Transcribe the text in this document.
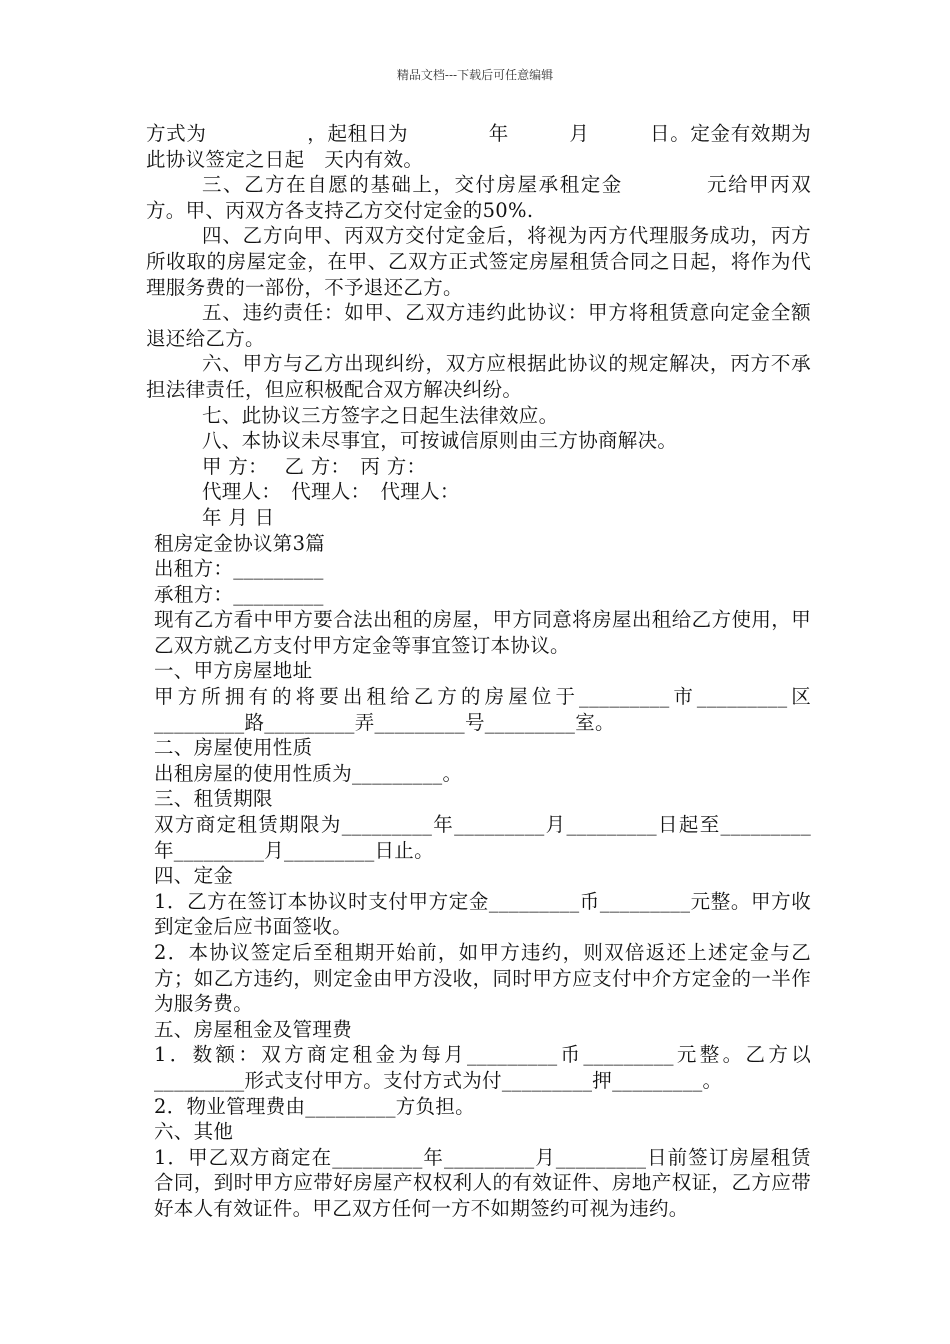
精品文档---下载后可任意编辑

方式为　　　　　，起租日为　　　　年　　　月　　　日。定金有效期为此协议签定之日起　天内有效。

三、乙方在自愿的基础上，交付房屋承租定金　　　　元给甲丙双方。甲、丙双方各支持乙方交付定金的50%.

四、乙方向甲、丙双方交付定金后，将视为丙方代理服务成功，丙方所收取的房屋定金，在甲、乙双方正式签定房屋租赁合同之日起，将作为代理服务费的一部份，不予退还乙方。

五、违约责任：如甲、乙双方违约此协议：甲方将租赁意向定金全额退还给乙方。

六、甲方与乙方出现纠纷，双方应根据此协议的规定解决，丙方不承担法律责任，但应积极配合双方解决纠纷。

七、此协议三方签字之日起生法律效应。

八、本协议未尽事宜，可按诚信原则由三方协商解决。

甲 方：　 乙 方：　丙 方：

代理人：　代理人：　代理人：

年 月 日

租房定金协议第3篇

出租方：_________

承租方：_________

现有乙方看中甲方要合法出租的房屋，甲方同意将房屋出租给乙方使用，甲乙双方就乙方支付甲方定金等事宜签订本协议。

一、甲方房屋地址

甲方所拥有的将要出租给乙方的房屋位于_________市_________区_________路_________弄_________号_________室。

二、房屋使用性质

出租房屋的使用性质为_________。

三、租赁期限

双方商定租赁期限为_________年_________月_________日起至_________年_________月_________日止。

四、定金

1．乙方在签订本协议时支付甲方定金_________币_________元整。甲方收到定金后应书面签收。

2．本协议签定后至租期开始前，如甲方违约，则双倍返还上述定金与乙方；如乙方违约，则定金由甲方没收，同时甲方应支付中介方定金的一半作为服务费。

五、房屋租金及管理费

1．数额：双方商定租金为每月_________币_________元整。乙方以_________形式支付甲方。支付方式为付_________押_________。

2．物业管理费由_________方负担。

六、其他

1．甲乙双方商定在_________年_________月_________日前签订房屋租赁合同，到时甲方应带好房屋产权权利人的有效证件、房地产权证，乙方应带好本人有效证件。甲乙双方任何一方不如期签约可视为违约。
